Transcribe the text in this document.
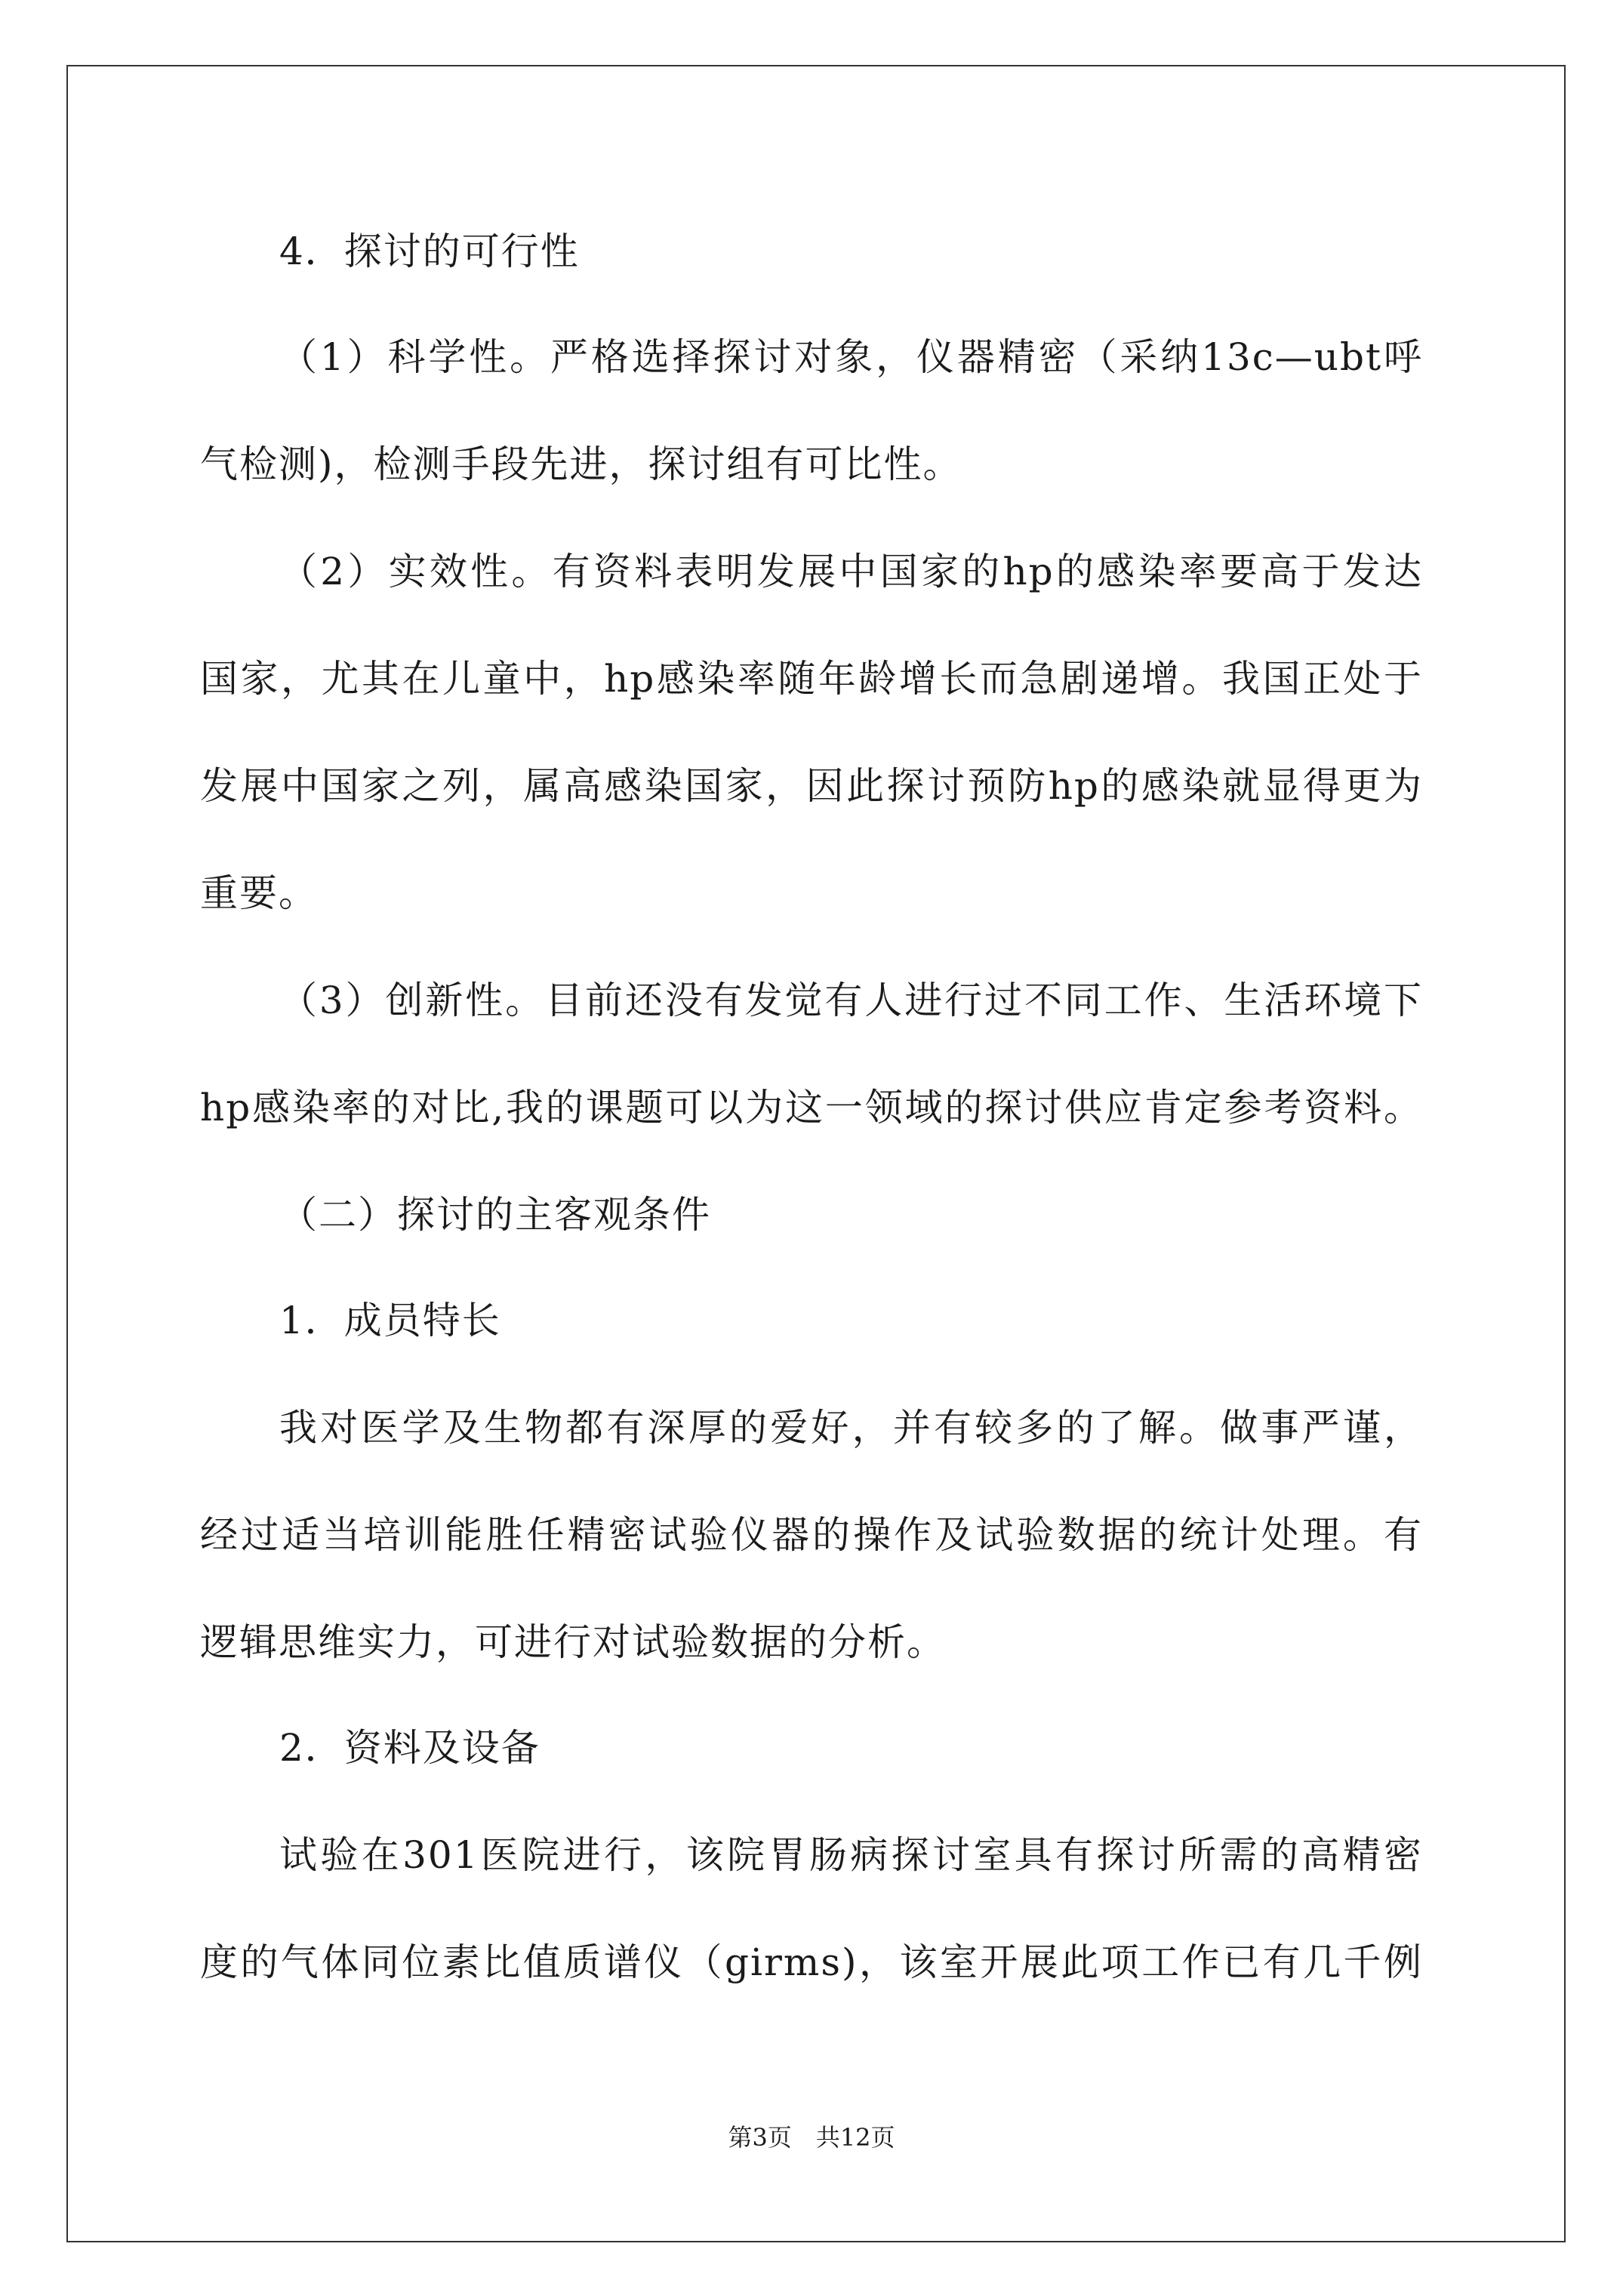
4．探讨的可行性
（1）科学性。严格选择探讨对象，仪器精密（采纳13c—ubt呼
气检测)，检测手段先进，探讨组有可比性。
（2）实效性。有资料表明发展中国家的hp的感染率要高于发达
国家，尤其在儿童中，hp感染率随年龄增长而急剧递增。我国正处于
发展中国家之列，属高感染国家，因此探讨预防hp的感染就显得更为
重要。
（3）创新性。目前还没有发觉有人进行过不同工作、生活环境下
hp感染率的对比,我的课题可以为这一领域的探讨供应肯定参考资料。
（二）探讨的主客观条件
1．成员特长
我对医学及生物都有深厚的爱好，并有较多的了解。做事严谨，
经过适当培训能胜任精密试验仪器的操作及试验数据的统计处理。有
逻辑思维实力，可进行对试验数据的分析。
2．资料及设备
试验在301医院进行，该院胃肠病探讨室具有探讨所需的高精密
度的气体同位素比值质谱仪（girms)，该室开展此项工作已有几千例
第3页　共12页
